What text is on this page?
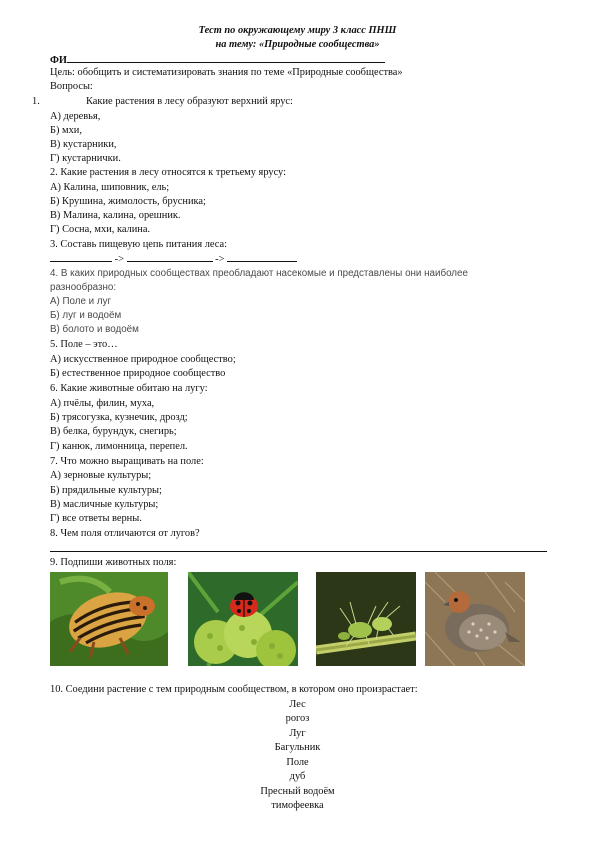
Тест по окружающему миру 3 класс ПНШ
на тему: «Природные сообщества»
ФИ
Цель: обобщить и систематизировать знания по теме «Природные сообщества»
Вопросы:
1.	Какие растения в лесу образуют верхний ярус:
А) деревья,
Б) мхи,
В) кустарники,
Г) кустарнички.
2. Какие растения в лесу относятся к третьему ярусу:
А) Калина, шиповник, ель;
Б) Крушина, жимолость, брусника;
В) Малина, калина, орешник.
Г) Сосна, мхи, калина.
3. Составь пищевую цепь питания леса:
->	->
4. В каких природных сообществах преобладают насекомые и представлены они наиболее
разнообразно:
А) Поле и луг
Б) луг и водоём
В) болото и водоём
5. Поле – это…
А) искусственное природное сообщество;
Б) естественное природное сообщество
6. Какие животные обитаю на лугу:
А) пчёлы, филин, муха,
Б) трясогузка, кузнечик, дрозд;
В) белка, бурундук, снегирь;
Г) канюк, лимонница, перепел.
7. Что можно выращивать на поле:
А) зерновые культуры;
Б) прядильные культуры;
В) масличные культуры;
Г) все ответы верны.
8. Чем поля отличаются от лугов?
9. Подпиши животных поля:
10. Соедини растение с тем природным сообществом, в котором оно произрастает:
Лес
рогоз
Луг
Багульник
Поле
дуб
Пресный водоём
тимофеевка
